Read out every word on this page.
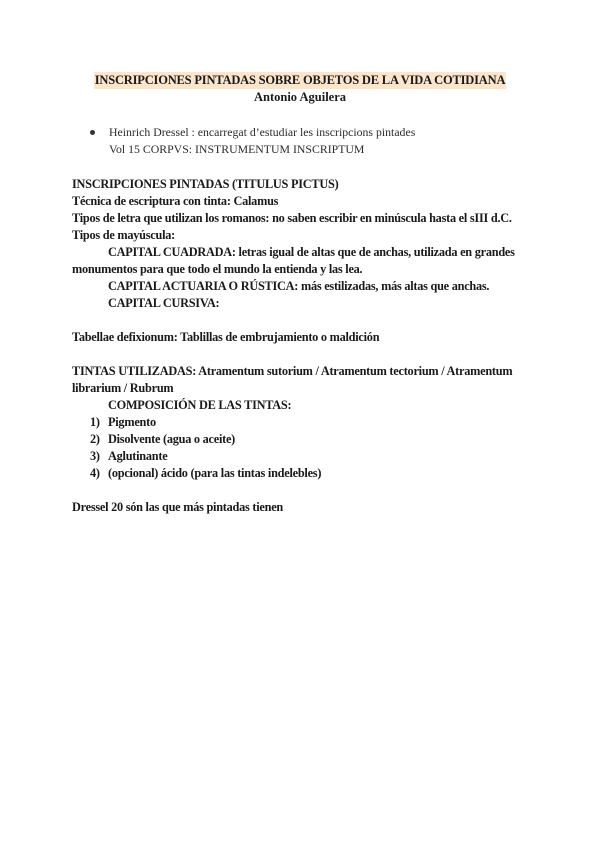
INSCRIPCIONES PINTADAS SOBRE OBJETOS DE LA VIDA COTIDIANA
Antonio Aguilera
Heinrich Dressel : encarregat d’estudiar les inscripcions pintades
Vol 15 CORPVS: INSTRUMENTUM INSCRIPTUM

INSCRIPCIONES PINTADAS (TITULUS PICTUS)

Técnica de escriptura con tinta: Calamus

Tipos de letra que utilizan los romanos: no saben escribir en minúscula hasta el sIII d.C.

Tipos de mayúscula:

CAPITAL CUADRADA: letras igual de altas que de anchas, utilizada en grandes

monumentos para que todo el mundo la entienda y las lea.

CAPITAL ACTUARIA O RÚSTICA: más estilizadas, más altas que anchas.

CAPITAL CURSIVA:

Tabellae defixionum: Tablillas de embrujamiento o maldición

TINTAS UTILIZADAS: Atramentum sutorium / Atramentum tectorium / Atramentum

librarium / Rubrum

COMPOSICIÓN DE LAS TINTAS:

1) Pigmento
2) Disolvente (agua o aceite)
3) Aglutinante
4) (opcional) ácido (para las tintas indelebles)

Dressel 20 són las que más pintadas tienen
